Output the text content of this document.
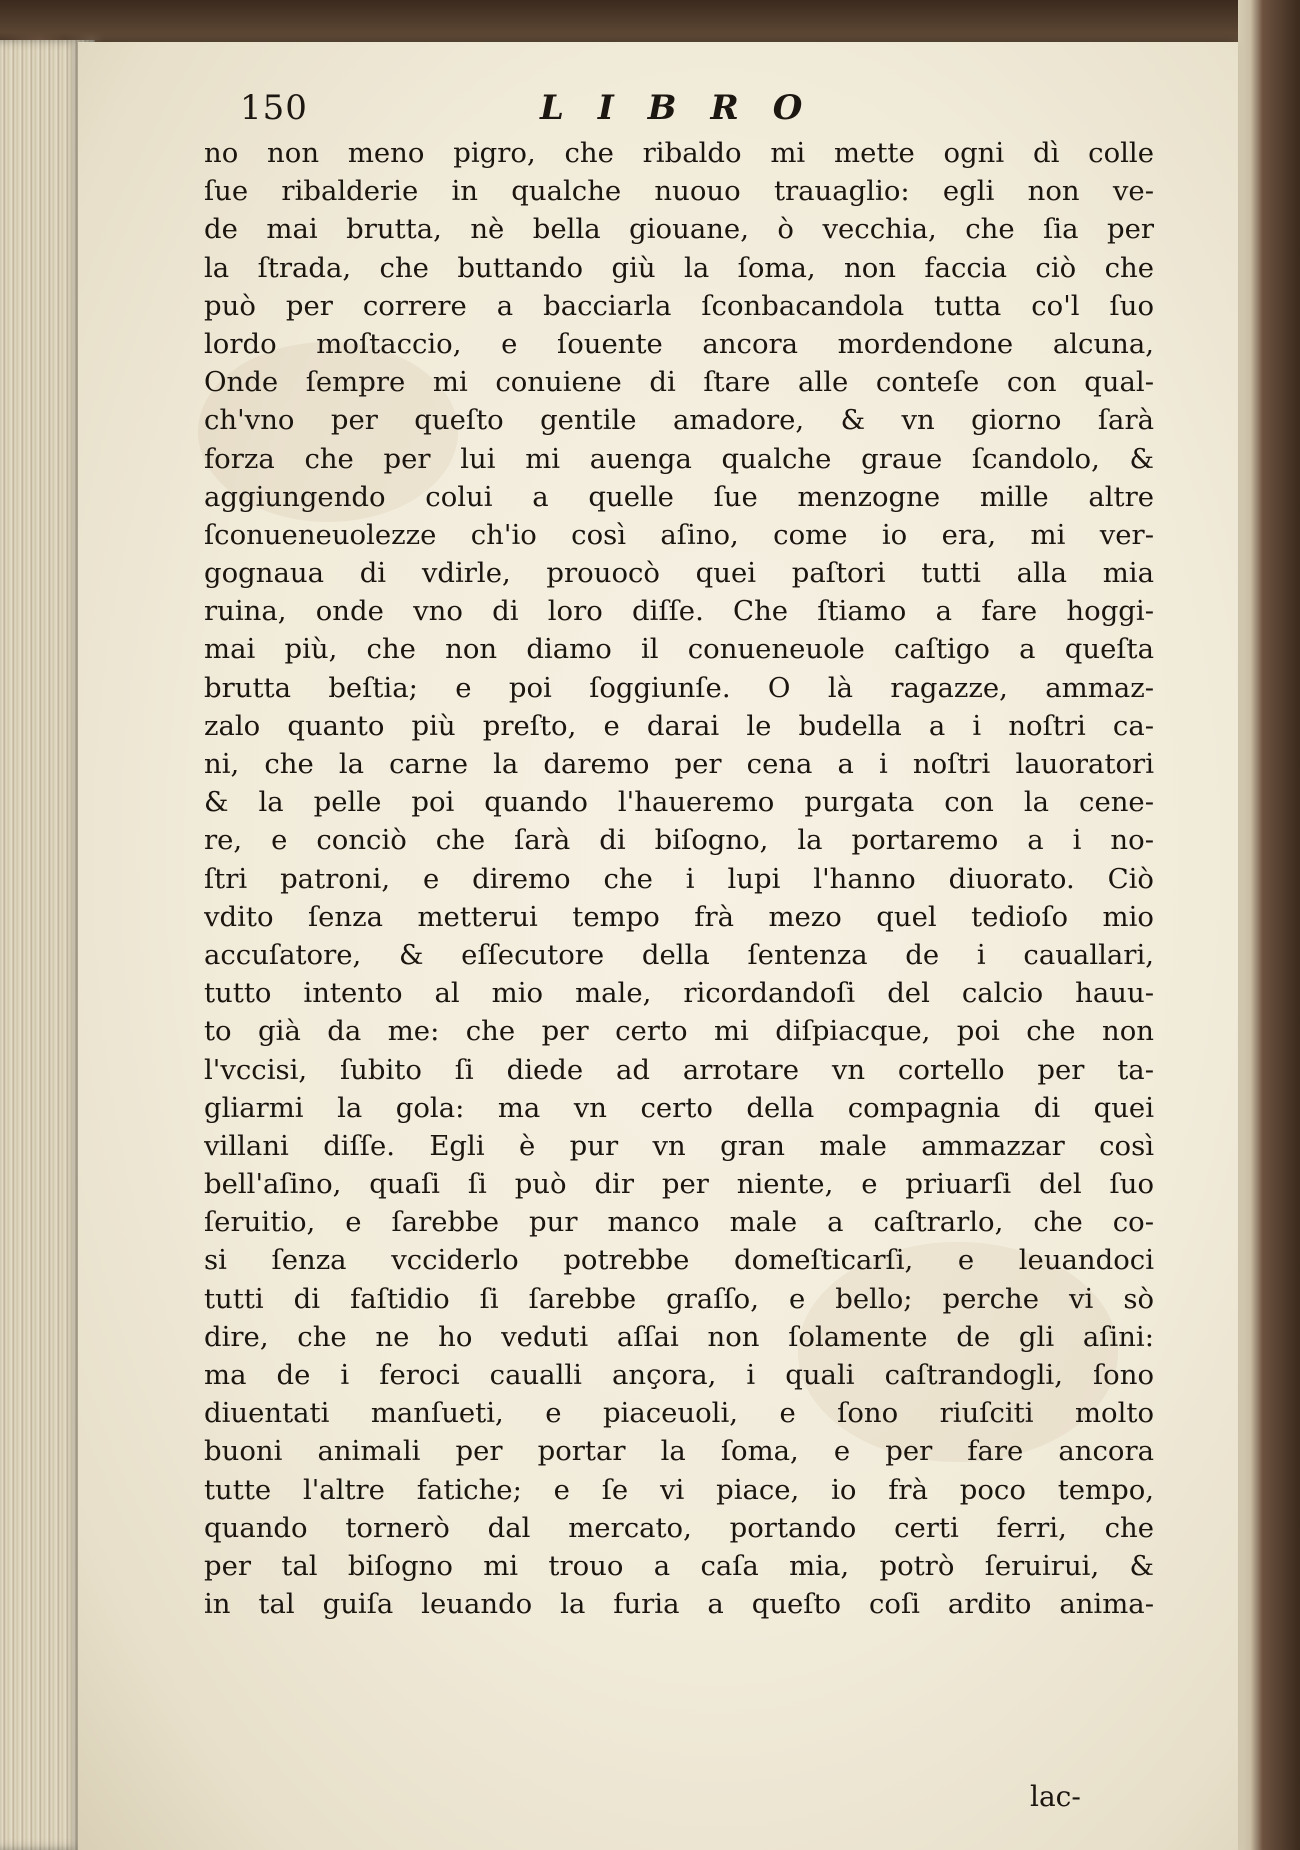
150	LIBRO
no non meno pigro, che ribaldo mi mette ogni dì colle
ſue ribalderie in qualche nuouo trauaglio: egli non ve-
de mai brutta, nè bella giouane, ò vecchia, che ſia per
la ſtrada, che buttando giù la ſoma, non faccia ciò che
può per correre a bacciarla ſconbacandola tutta co'l ſuo
lordo moſtaccio, e ſouente ancora mordendone alcuna,
Onde ſempre mi conuiene di ſtare alle conteſe con qual-
ch'vno per queſto gentile amadore, & vn giorno ſarà
forza che per lui mi auenga qualche graue ſcandolo, &
aggiungendo colui a quelle ſue menzogne mille altre
ſconueneuolezze ch'io così aſino, come io era, mi ver-
gognaua di vdirle, prouocò quei paſtori tutti alla mia
ruina, onde vno di loro diſſe. Che ſtiamo a fare hoggi-
mai più, che non diamo il conueneuole caſtigo a queſta
brutta beſtia; e poi ſoggiunſe. O là ragazze, ammaz-
zalo quanto più preſto, e darai le budella a i noſtri ca-
ni, che la carne la daremo per cena a i noſtri lauoratori
& la pelle poi quando l'haueremo purgata con la cene-
re, e conciò che ſarà di biſogno, la portaremo a i no-
ſtri patroni, e diremo che i lupi l'hanno diuorato. Ciò
vdito ſenza metterui tempo frà mezo quel tedioſo mio
accuſatore, & eſſecutore della ſentenza de i cauallari,
tutto intento al mio male, ricordandoſi del calcio hauu-
to già da me: che per certo mi diſpiacque, poi che non
l'vccisi, ſubito ſi diede ad arrotare vn cortello per ta-
gliarmi la gola: ma vn certo della compagnia di quei
villani diſſe. Egli è pur vn gran male ammazzar così
bell'aſino, quaſi ſi può dir per niente, e priuarſi del ſuo
ſeruitio, e ſarebbe pur manco male a caſtrarlo, che co-
si ſenza vcciderlo potrebbe domeſticarſi, e leuandoci
tutti di faſtidio ſi ſarebbe graſſo, e bello; perche vi sò
dire, che ne ho veduti aſſai non ſolamente de gli aſini:
ma de i feroci caualli ançora, i quali caſtrandogli, ſono
diuentati manſueti, e piaceuoli, e ſono riuſciti molto
buoni animali per portar la ſoma, e per fare ancora
tutte l'altre fatiche; e ſe vi piace, io frà poco tempo,
quando tornerò dal mercato, portando certi ferri, che
per tal biſogno mi trouo a caſa mia, potrò ſeruirui, &
in tal guiſa leuando la furia a queſto coſi ardito anima-
lac-
